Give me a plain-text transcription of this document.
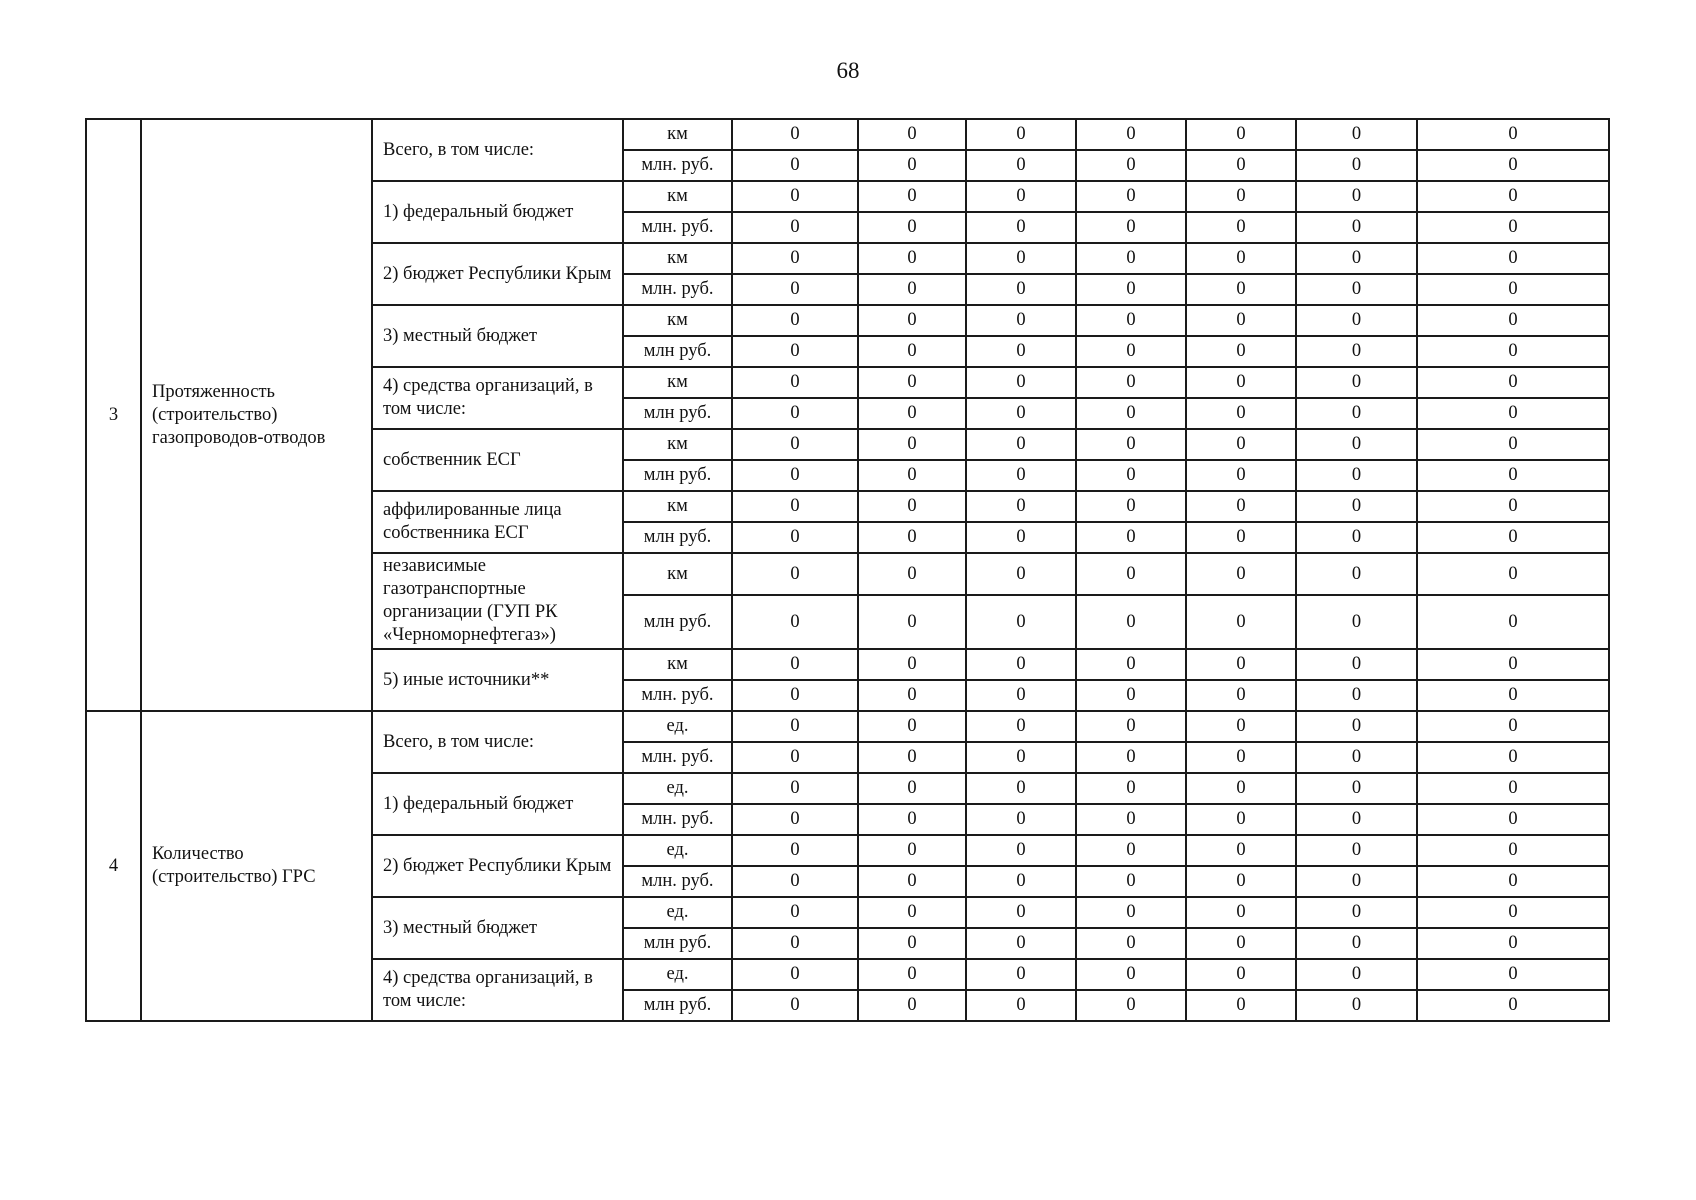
68
3	Протяженность (строительство) газопроводов-отводов	Всего, в том числе:	км	0	0	0	0	0	0	0
			млн. руб.	0	0	0	0	0	0	0
		1) федеральный бюджет	км	0	0	0	0	0	0	0
			млн. руб.	0	0	0	0	0	0	0
		2) бюджет Республики Крым	км	0	0	0	0	0	0	0
			млн. руб.	0	0	0	0	0	0	0
		3) местный бюджет	км	0	0	0	0	0	0	0
			млн руб.	0	0	0	0	0	0	0
		4) средства организаций, в том числе:	км	0	0	0	0	0	0	0
			млн руб.	0	0	0	0	0	0	0
		собственник ЕСГ	км	0	0	0	0	0	0	0
			млн руб.	0	0	0	0	0	0	0
		аффилированные лица собственника ЕСГ	км	0	0	0	0	0	0	0
			млн руб.	0	0	0	0	0	0	0
		независимые газотранспортные организации (ГУП РК «Черноморнефтегаз»)	км	0	0	0	0	0	0	0
			млн руб.	0	0	0	0	0	0	0
		5) иные источники**	км	0	0	0	0	0	0	0
			млн. руб.	0	0	0	0	0	0	0
4	Количество (строительство) ГРС	Всего, в том числе:	ед.	0	0	0	0	0	0	0
			млн. руб.	0	0	0	0	0	0	0
		1) федеральный бюджет	ед.	0	0	0	0	0	0	0
			млн. руб.	0	0	0	0	0	0	0
		2) бюджет Республики Крым	ед.	0	0	0	0	0	0	0
			млн. руб.	0	0	0	0	0	0	0
		3) местный бюджет	ед.	0	0	0	0	0	0	0
			млн руб.	0	0	0	0	0	0	0
		4) средства организаций, в том числе:	ед.	0	0	0	0	0	0	0
			млн руб.	0	0	0	0	0	0	0
